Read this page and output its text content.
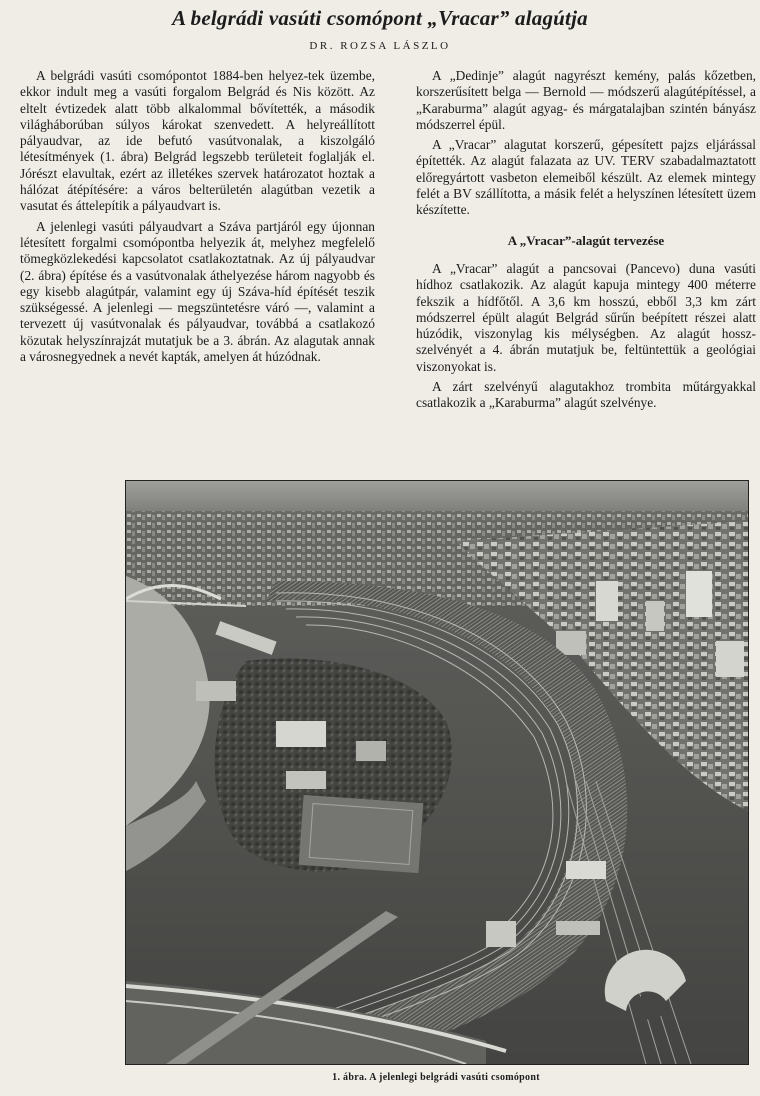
A belgrádi vasúti csomópont „Vracar” alagútja

DR. ROZSA LÁSZLO

A belgrádi vasúti csomópontot 1884-ben helyez-tek üzembe, ekkor indult meg a vasúti forgalom Belgrád és Nis között. Az eltelt évtizedek alatt több alkalommal bővítették, a második világháborúban súlyos károkat szenvedett. A helyreállított pályaudvar, az ide befutó vasútvonalak, a kiszolgáló létesítmények (1. ábra) Belgrád legszebb területeit foglalják el. Jórészt elavultak, ezért az illetékes szervek határozatot hoztak a hálózat átépítésére: a város belterületén alagútban vezetik a vasutat és áttelepítik a pályaudvart is.

A jelenlegi vasúti pályaudvart a Száva partjáról egy újonnan létesített forgalmi csomópontba helyezik át, melyhez megfelelő tömegközlekedési kapcsolatot csatlakoztatnak. Az új pályaudvar (2. ábra) építése és a vasútvonalak áthelyezése három nagyobb és egy kisebb alagútpár, valamint egy új Száva-híd építését teszik szükségessé. A jelenlegi — megszüntetésre váró —, valamint a tervezett új vasútvonalak és pályaudvar, továbbá a csatlakozó közutak helyszínrajzát mutatjuk be a 3. ábrán. Az alagutak annak a városnegyednek a nevét kapták, amelyen át húzódnak.

A „Dedinje” alagút nagyrészt kemény, palás kőzetben, korszerűsített belga — Bernold — módszerű alagútépítéssel, a „Karaburma” alagút agyag- és márgatalajban szintén bányász módszerrel épül.

A „Vracar” alagutat korszerű, gépesített pajzs eljárással építették. Az alagút falazata az UV. TERV szabadalmaztatott előregyártott vasbeton elemeiből készült. Az elemek mintegy felét a BV szállította, a másik felét a helyszínen létesített üzem készítette.

A „Vracar”-alagút tervezése

A „Vracar” alagút a pancsovai (Pancevo) duna vasúti hídhoz csatlakozik. Az alagút kapuja mintegy 400 méterre fekszik a hídfőtől. A 3,6 km hosszú, ebből 3,3 km zárt módszerrel épült alagút Belgrád sűrűn beépített részei alatt húzódik, viszonylag kis mélységben. Az alagút hossz-szelvényét a 4. ábrán mutatjuk be, feltüntettük a geológiai viszonyokat is.

A zárt szelvényű alagutakhoz trombita műtárgyakkal csatlakozik a „Karaburma” alagút szelvénye.

1. ábra. A jelenlegi belgrádi vasúti csomópont
